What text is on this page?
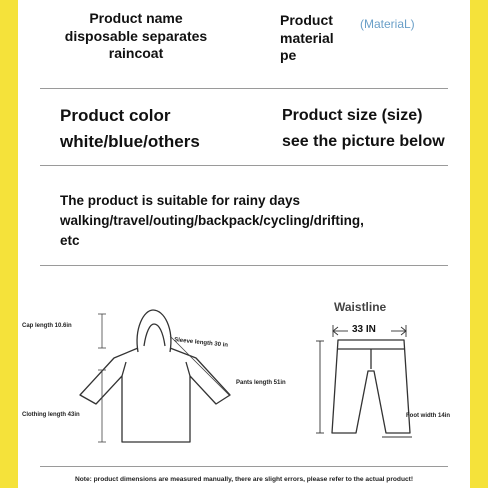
Product name
disposable separates
raincoat
Product
material
pe
(MateriaL)
Product color
white/blue/others
Product size (size)
see the picture below
The product is suitable for rainy days
walking/travel/outing/backpack/cycling/drifting,
etc
Cap length 10.6in
Sleeve length 30 in
Clothing length 43in
Waistline
33 IN
Pants length 51in
Foot width 14in
Note: product dimensions are measured manually, there are slight errors, please refer to the actual product!
